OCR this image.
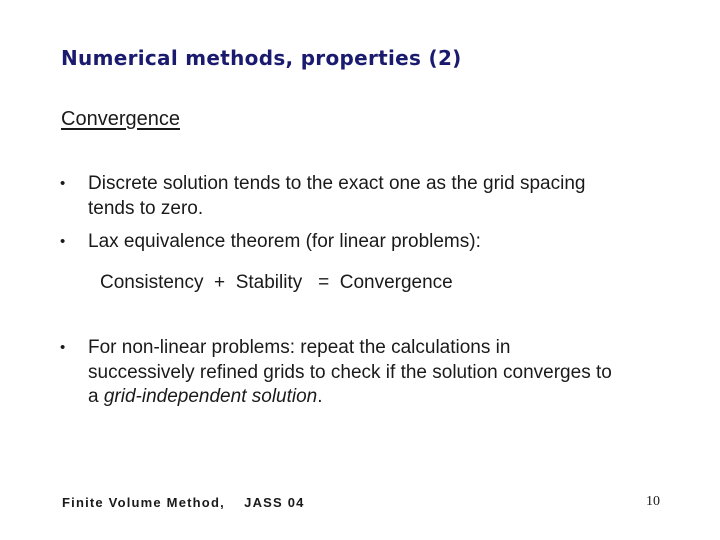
Numerical methods, properties (2)
Convergence
• Discrete solution tends to the exact one as the grid spacing tends to zero.
• Lax equivalence theorem (for linear problems):
Consistency  +  Stability   =  Convergence
• For non-linear problems: repeat the calculations in successively refined grids to check if the solution converges to a grid-independent solution.
Finite Volume Method, JASS 04	10
